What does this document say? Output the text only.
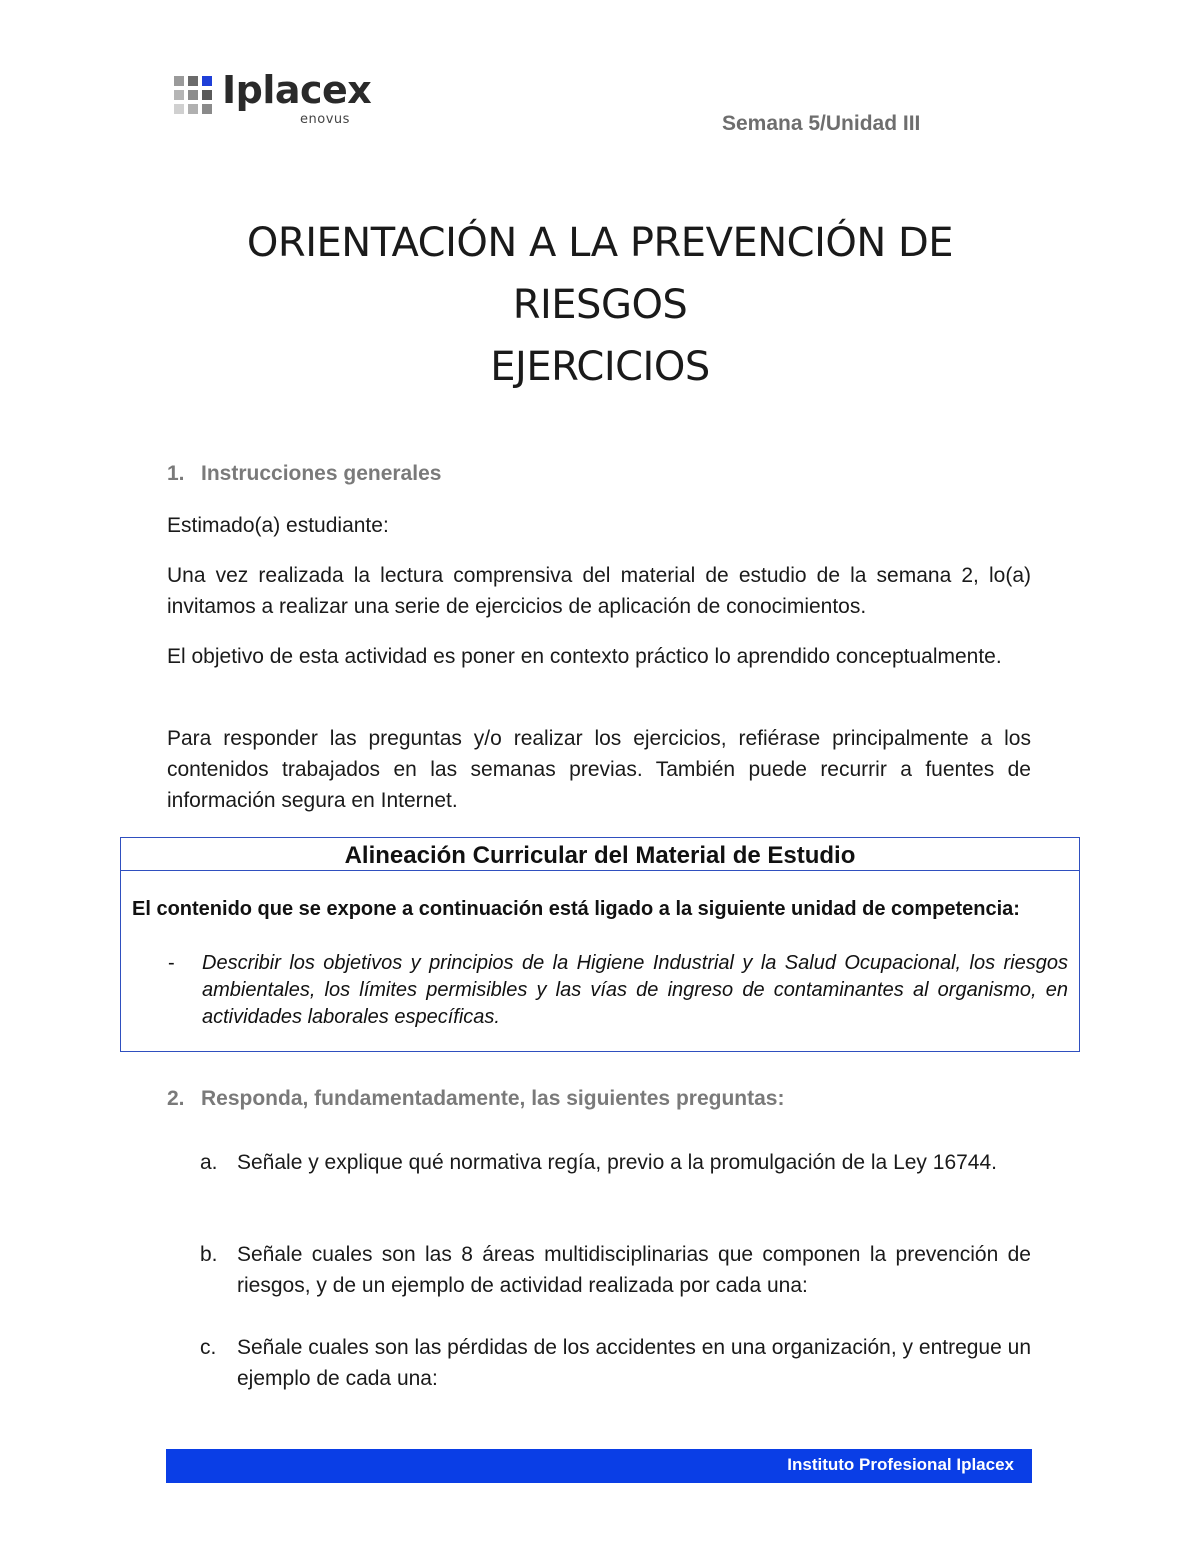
Iplacex
enovus	Semana 5/Unidad III
ORIENTACIÓN A LA PREVENCIÓN DE
RIESGOS
EJERCICIOS
1. Instrucciones generales
Estimado(a) estudiante:
Una vez realizada la lectura comprensiva del material de estudio de la semana 2, lo(a) invitamos a realizar una serie de ejercicios de aplicación de conocimientos.
El objetivo de esta actividad es poner en contexto práctico lo aprendido conceptualmente.
Para responder las preguntas y/o realizar los ejercicios, refiérase principalmente a los contenidos trabajados en las semanas previas. También puede recurrir a fuentes de información segura en Internet.
Alineación Curricular del Material de Estudio
El contenido que se expone a continuación está ligado a la siguiente unidad de competencia:
- Describir los objetivos y principios de la Higiene Industrial y la Salud Ocupacional, los riesgos ambientales, los límites permisibles y las vías de ingreso de contaminantes al organismo, en actividades laborales específicas.
2. Responda, fundamentadamente, las siguientes preguntas:
a. Señale y explique qué normativa regía, previo a la promulgación de la Ley 16744.
b. Señale cuales son las 8 áreas multidisciplinarias que componen la prevención de riesgos, y de un ejemplo de actividad realizada por cada una:
c. Señale cuales son las pérdidas de los accidentes en una organización, y entregue un ejemplo de cada una:
Instituto Profesional Iplacex
